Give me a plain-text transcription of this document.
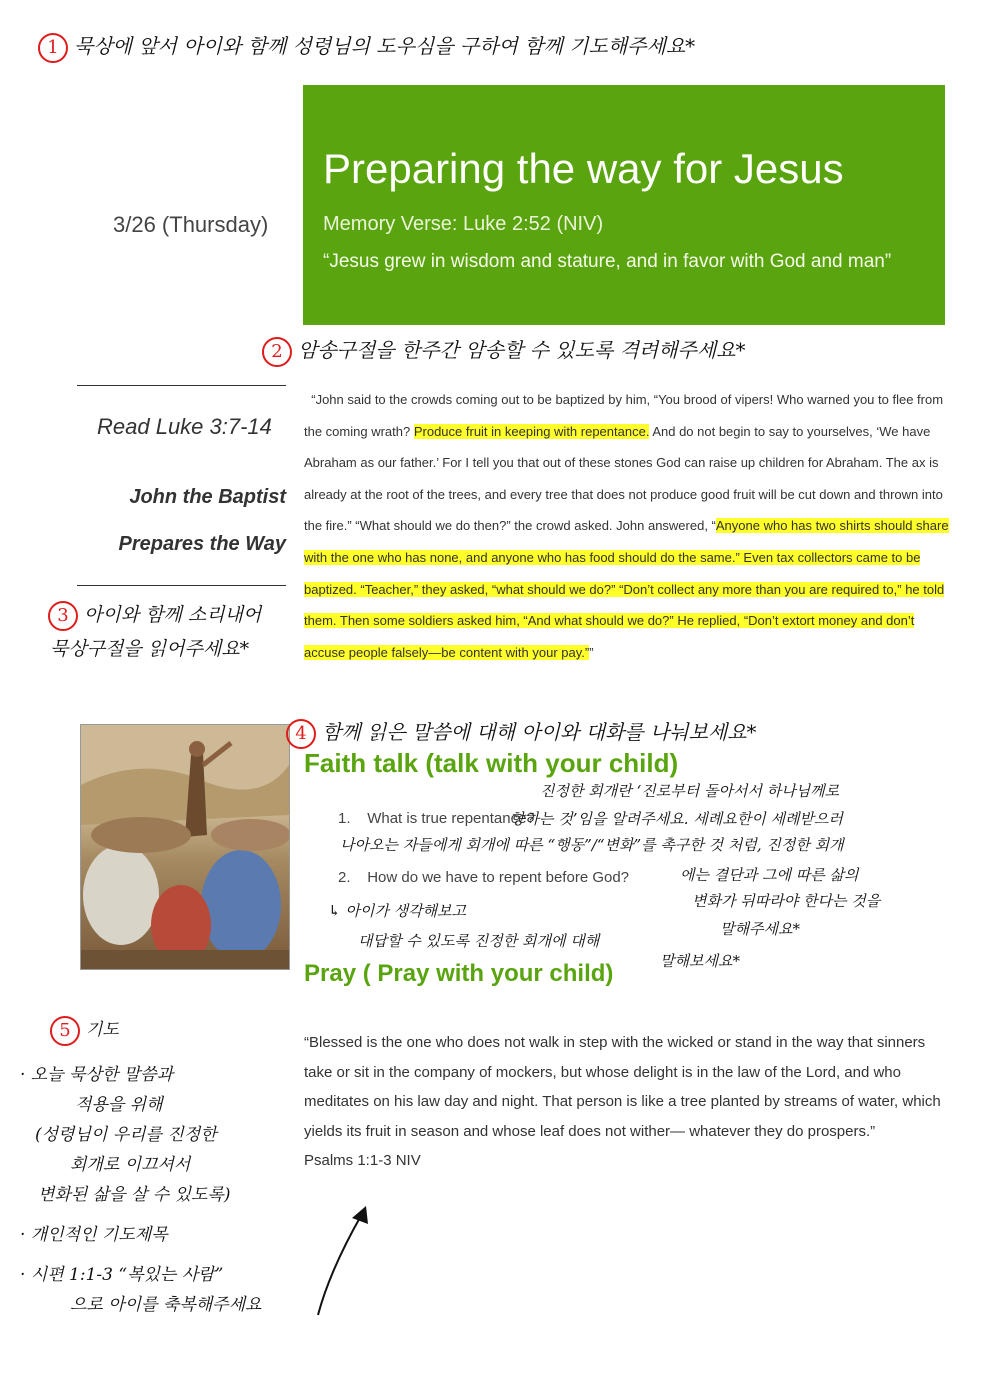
1 묵상에 앞서 아이와 함께 성령님의 도우심을 구하여 함께 기도해주세요*
Preparing the way for Jesus
Memory Verse: Luke 2:52 (NIV)
“Jesus grew in wisdom and stature, and in favor with God and man”
3/26 (Thursday)
2 암송구절을 한주간 암송할 수 있도록 격려해주세요*
Read Luke 3:7-14
John the Baptist
Prepares the Way
“John said to the crowds coming out to be baptized by him, “You brood of vipers! Who warned you to flee from the coming wrath? Produce fruit in keeping with repentance. And do not begin to say to yourselves, ‘We have Abraham as our father.’ For I tell you that out of these stones God can raise up children for Abraham. The ax is already at the root of the trees, and every tree that does not produce good fruit will be cut down and thrown into the fire.” “What should we do then?” the crowd asked. John answered, “Anyone who has two shirts should share with the one who has none, and anyone who has food should do the same.” Even tax collectors came to be baptized. “Teacher,” they asked, “what should we do?” “Don’t collect any more than you are required to,” he told them. Then some soldiers asked him, “And what should we do?” He replied, “Don’t extort money and don’t accuse people falsely—be content with your pay.””
3 아이와 함께 소리내어
묵상구절을 읽어주세요*
4 함께 읽은 말씀에 대해 아이와 대화를 나눠보세요*
Faith talk (talk with your child)
1.    What is true repentance?
2.    How do we have to repent before God?
진정한 회개란 ‘진로부터 돌아서서 하나님께로
향하는 것’임을 알려주세요. 세례요한이 세례받으러
나아오는 자들에게 회개에 따른 “행동”/“변화”를 촉구한 것 처럼, 진정한 회개
에는 결단과 그에 따른 삶의
변화가 뒤따라야 한다는 것을
말해주세요*
↳ 아이가 생각해보고
대답할 수 있도록 진정한 회개에 대해
말해보세요*
Pray ( Pray with your child)
“Blessed is the one who does not walk in step with the wicked or stand in the way that sinners take or sit in the company of mockers, but whose delight is in the law of the Lord, and who meditates on his law day and night. That person is like a tree planted by streams of water, which yields its fruit in season and whose leaf does not wither— whatever they do prospers.”
Psalms 1:1-3 NIV
5 기도
· 오늘 묵상한 말씀과
적용을 위해
(성령님이 우리를 진정한
회개로 이끄셔서
변화된 삶을 살 수 있도록)
· 개인적인 기도제목
· 시편 1:1-3 “복있는 사람”
으로 아이를 축복해주세요
